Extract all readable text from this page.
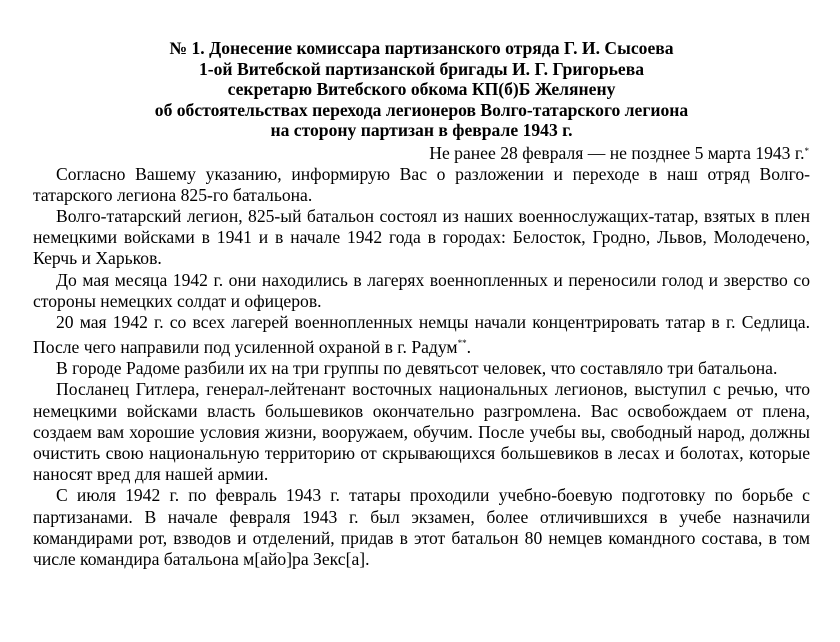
№ 1. Донесение комиссара партизанского отряда Г. И. Сысоева
1-ой Витебской партизанской бригады И. Г. Григорьева
секретарю Витебского обкома КП(б)Б Желянену
об обстоятельствах перехода легионеров Волго-татарского легиона
на сторону партизан в феврале 1943 г.
Не ранее 28 февраля — не позднее 5 марта 1943 г.*

Согласно Вашему указанию, информирую Вас о разложении и переходе в наш отряд Волго-татарского легиона 825-го батальона.

Волго-татарский легион, 825-ый батальон состоял из наших военнослужащих-татар, взятых в плен немецкими войсками в 1941 и в начале 1942 года в городах: Белосток, Гродно, Львов, Молодечено, Керчь и Харьков.

До мая месяца 1942 г. они находились в лагерях военнопленных и переносили голод и зверство со стороны немецких солдат и офицеров.

20 мая 1942 г. со всех лагерей военнопленных немцы начали концентрировать татар в г. Седлица. После чего направили под усиленной охраной в г. Радум**.

В городе Радоме разбили их на три группы по девятьсот человек, что составляло три батальона.

Посланец Гитлера, генерал-лейтенант восточных национальных легионов, выступил с речью, что немецкими войсками власть большевиков окончательно разгромлена. Вас освобождаем от плена, создаем вам хорошие условия жизни, вооружаем, обучим. После учебы вы, свободный народ, должны очистить свою национальную территорию от скрывающихся большевиков в лесах и болотах, которые наносят вред для нашей армии.

С июля 1942 г. по февраль 1943 г. татары проходили учебно-боевую подготовку по борьбе с партизанами. В начале февраля 1943 г. был экзамен, более отличившихся в учебе назначили командирами рот, взводов и отделений, придав в этот батальон 80 немцев командного состава, в том числе командира батальона м[айо]ра Зекс[а].
